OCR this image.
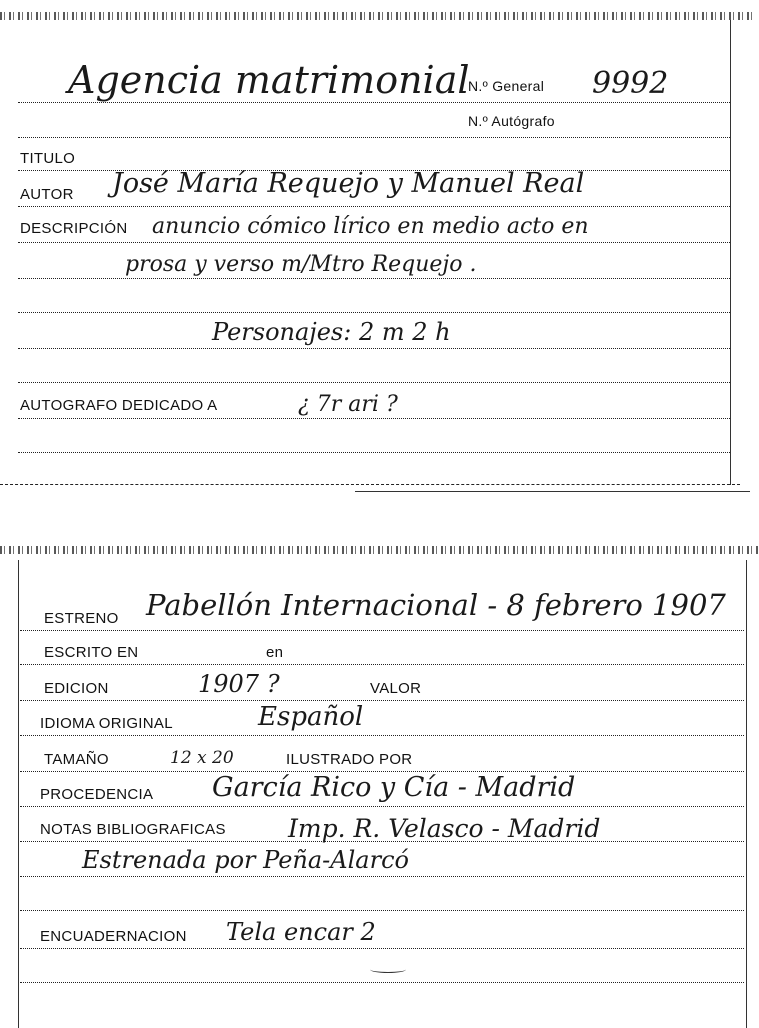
Agencia matrimonial
N.º General 9992
N.º Autógrafo
TITULO
AUTOR José María Requejo y Manuel Real
DESCRIPCIÓN anuncio cómico lírico en medio acto en
prosa y verso m/Mtro Requejo .
Personajes: 2 m 2 h
AUTOGRAFO DEDICADO A	¿ 7r ari ?
ESTRENO Pabellón Internacional - 8 febrero 1907
ESCRITO EN	en
EDICION	1907 ?	VALOR
IDIOMA ORIGINAL	Español
TAMAÑO	12 x 20	ILUSTRADO POR
PROCEDENCIA García Rico y Cía - Madrid
NOTAS BIBLIOGRAFICAS Imp. R. Velasco - Madrid
Estrenada por Peña-Alarcó
ENCUADERNACION Tela encar 2
